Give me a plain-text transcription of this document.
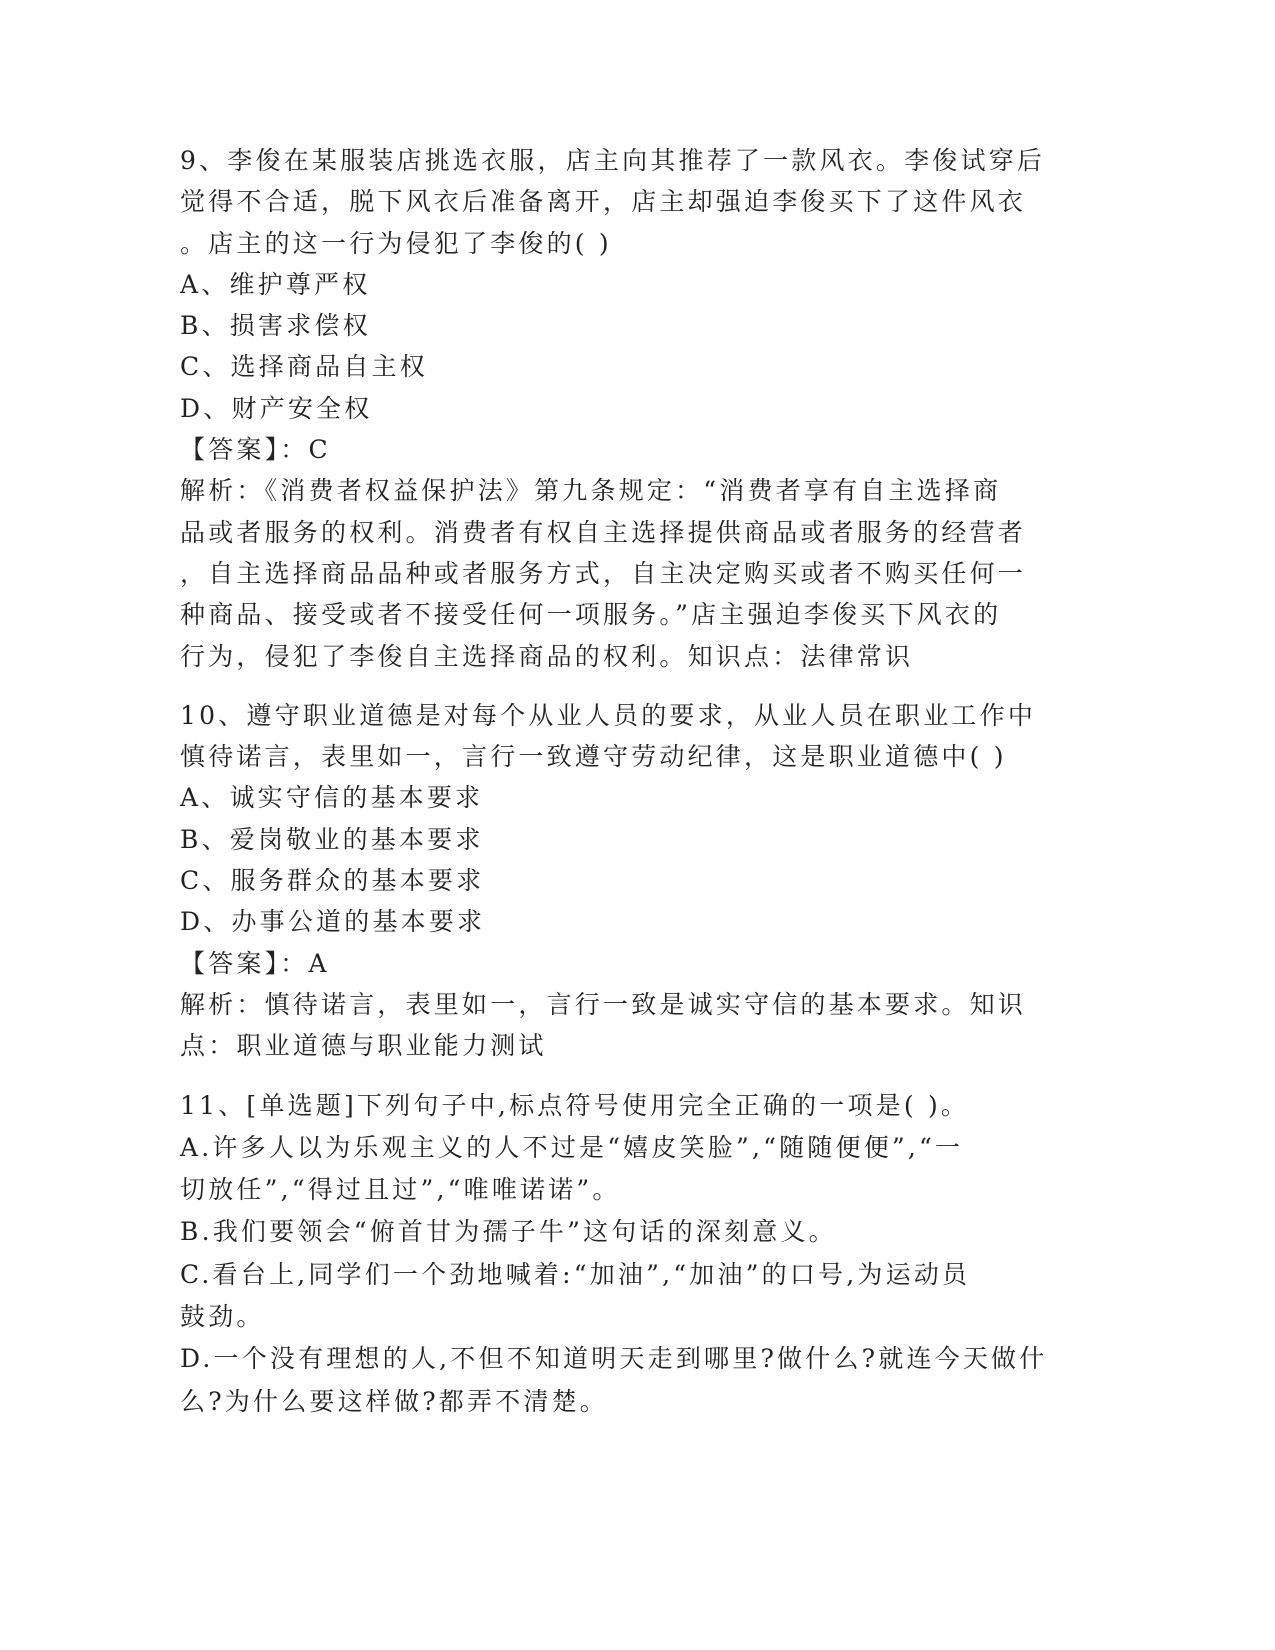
9、李俊在某服装店挑选衣服，店主向其推荐了一款风衣。李俊试穿后
觉得不合适，脱下风衣后准备离开，店主却强迫李俊买下了这件风衣
。店主的这一行为侵犯了李俊的( )
A、维护尊严权
B、损害求偿权
C、选择商品自主权
D、财产安全权
【答案】：C
解析：《消费者权益保护法》第九条规定：“消费者享有自主选择商
品或者服务的权利。消费者有权自主选择提供商品或者服务的经营者
，自主选择商品品种或者服务方式，自主决定购买或者不购买任何一
种商品、接受或者不接受任何一项服务。”店主强迫李俊买下风衣的
行为，侵犯了李俊自主选择商品的权利。知识点：法律常识
10、遵守职业道德是对每个从业人员的要求，从业人员在职业工作中
慎待诺言，表里如一，言行一致遵守劳动纪律，这是职业道德中( )
A、诚实守信的基本要求
B、爱岗敬业的基本要求
C、服务群众的基本要求
D、办事公道的基本要求
【答案】：A
解析：慎待诺言，表里如一，言行一致是诚实守信的基本要求。知识
点：职业道德与职业能力测试
11、[单选题]下列句子中,标点符号使用完全正确的一项是( )。
A.许多人以为乐观主义的人不过是“嬉皮笑脸”,“随随便便”,“一
切放任”,“得过且过”,“唯唯诺诺”。
B.我们要领会“俯首甘为孺子牛”这句话的深刻意义。
C.看台上,同学们一个劲地喊着:“加油”,“加油”的口号,为运动员
鼓劲。
D.一个没有理想的人,不但不知道明天走到哪里?做什么?就连今天做什
么?为什么要这样做?都弄不清楚。
